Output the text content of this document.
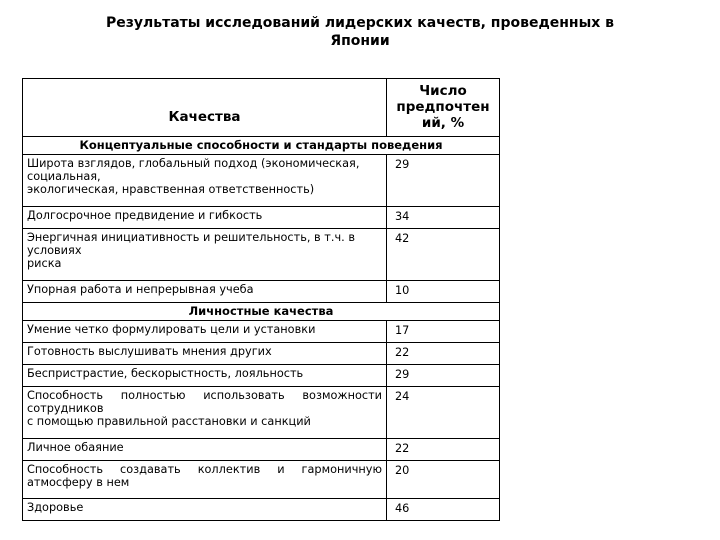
Результаты исследований лидерских качеств, проведенных в
Японии
Качества	Число
предпочтен
ий, %

Концептуальные способности и стандарты поведения	

Широта взглядов, глобальный подход (экономическая,
социальная,
экологическая, нравственная ответственность)	29

Долгосрочное предвидение и гибкость	34

Энергичная инициативность и решительность, в т.ч. в
условиях
риска	42

Упорная работа и непрерывная учеба	10
Личностные качества	

Умение четко формулировать цели и установки	17

Готовность выслушивать мнения других	22

Беспристрастие, бескорыстность, лояльность	29

Способность полностью использовать возможности
сотрудников
с помощью правильной расстановки и санкций	24

Личное обаяние	22

Способность создавать коллектив и гармоничную
атмосферу в нем	20

Здоровье	46
